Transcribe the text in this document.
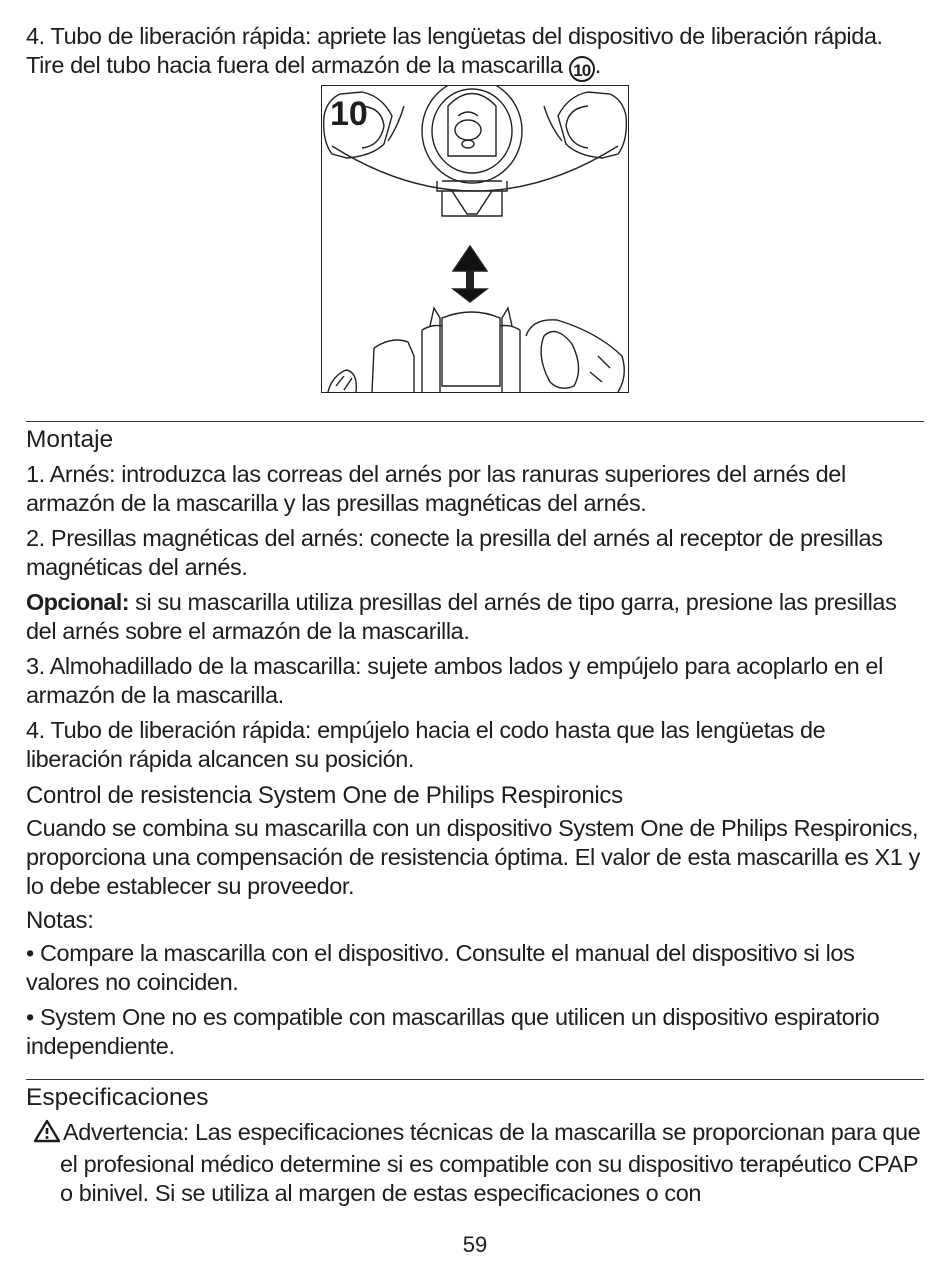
4. Tubo de liberación rápida: apriete las lengüetas del dispositivo de liberación rápida. Tire del tubo hacia fuera del armazón de la mascarilla 10 .

10
Montaje

1. Arnés: introduzca las correas del arnés por las ranuras superiores del arnés del armazón de la mascarilla y las presillas magnéticas del arnés.

2. Presillas magnéticas del arnés: conecte la presilla del arnés al receptor de presillas magnéticas del arnés.

Opcional: si su mascarilla utiliza presillas del arnés de tipo garra, presione las presillas del arnés sobre el armazón de la mascarilla.

3. Almohadillado de la mascarilla: sujete ambos lados y empújelo para acoplarlo en el armazón de la mascarilla.

4. Tubo de liberación rápida: empújelo hacia el codo hasta que las lengüetas de liberación rápida alcancen su posición.

Control de resistencia System One de Philips Respironics

Cuando se combina su mascarilla con un dispositivo System One de Philips Respironics, proporciona una compensación de resistencia óptima. El valor de esta mascarilla es X1 y lo debe establecer su proveedor.

Notas:

• Compare la mascarilla con el dispositivo. Consulte el manual del dispositivo si los valores no coinciden.

• System One no es compatible con mascarillas que utilicen un dispositivo espiratorio independiente.

Especificaciones

Advertencia: Las especificaciones técnicas de la mascarilla se proporcionan para que el profesional médico determine si es compatible con su dispositivo terapéutico CPAP o binivel. Si se utiliza al margen de estas especificaciones o con

59
